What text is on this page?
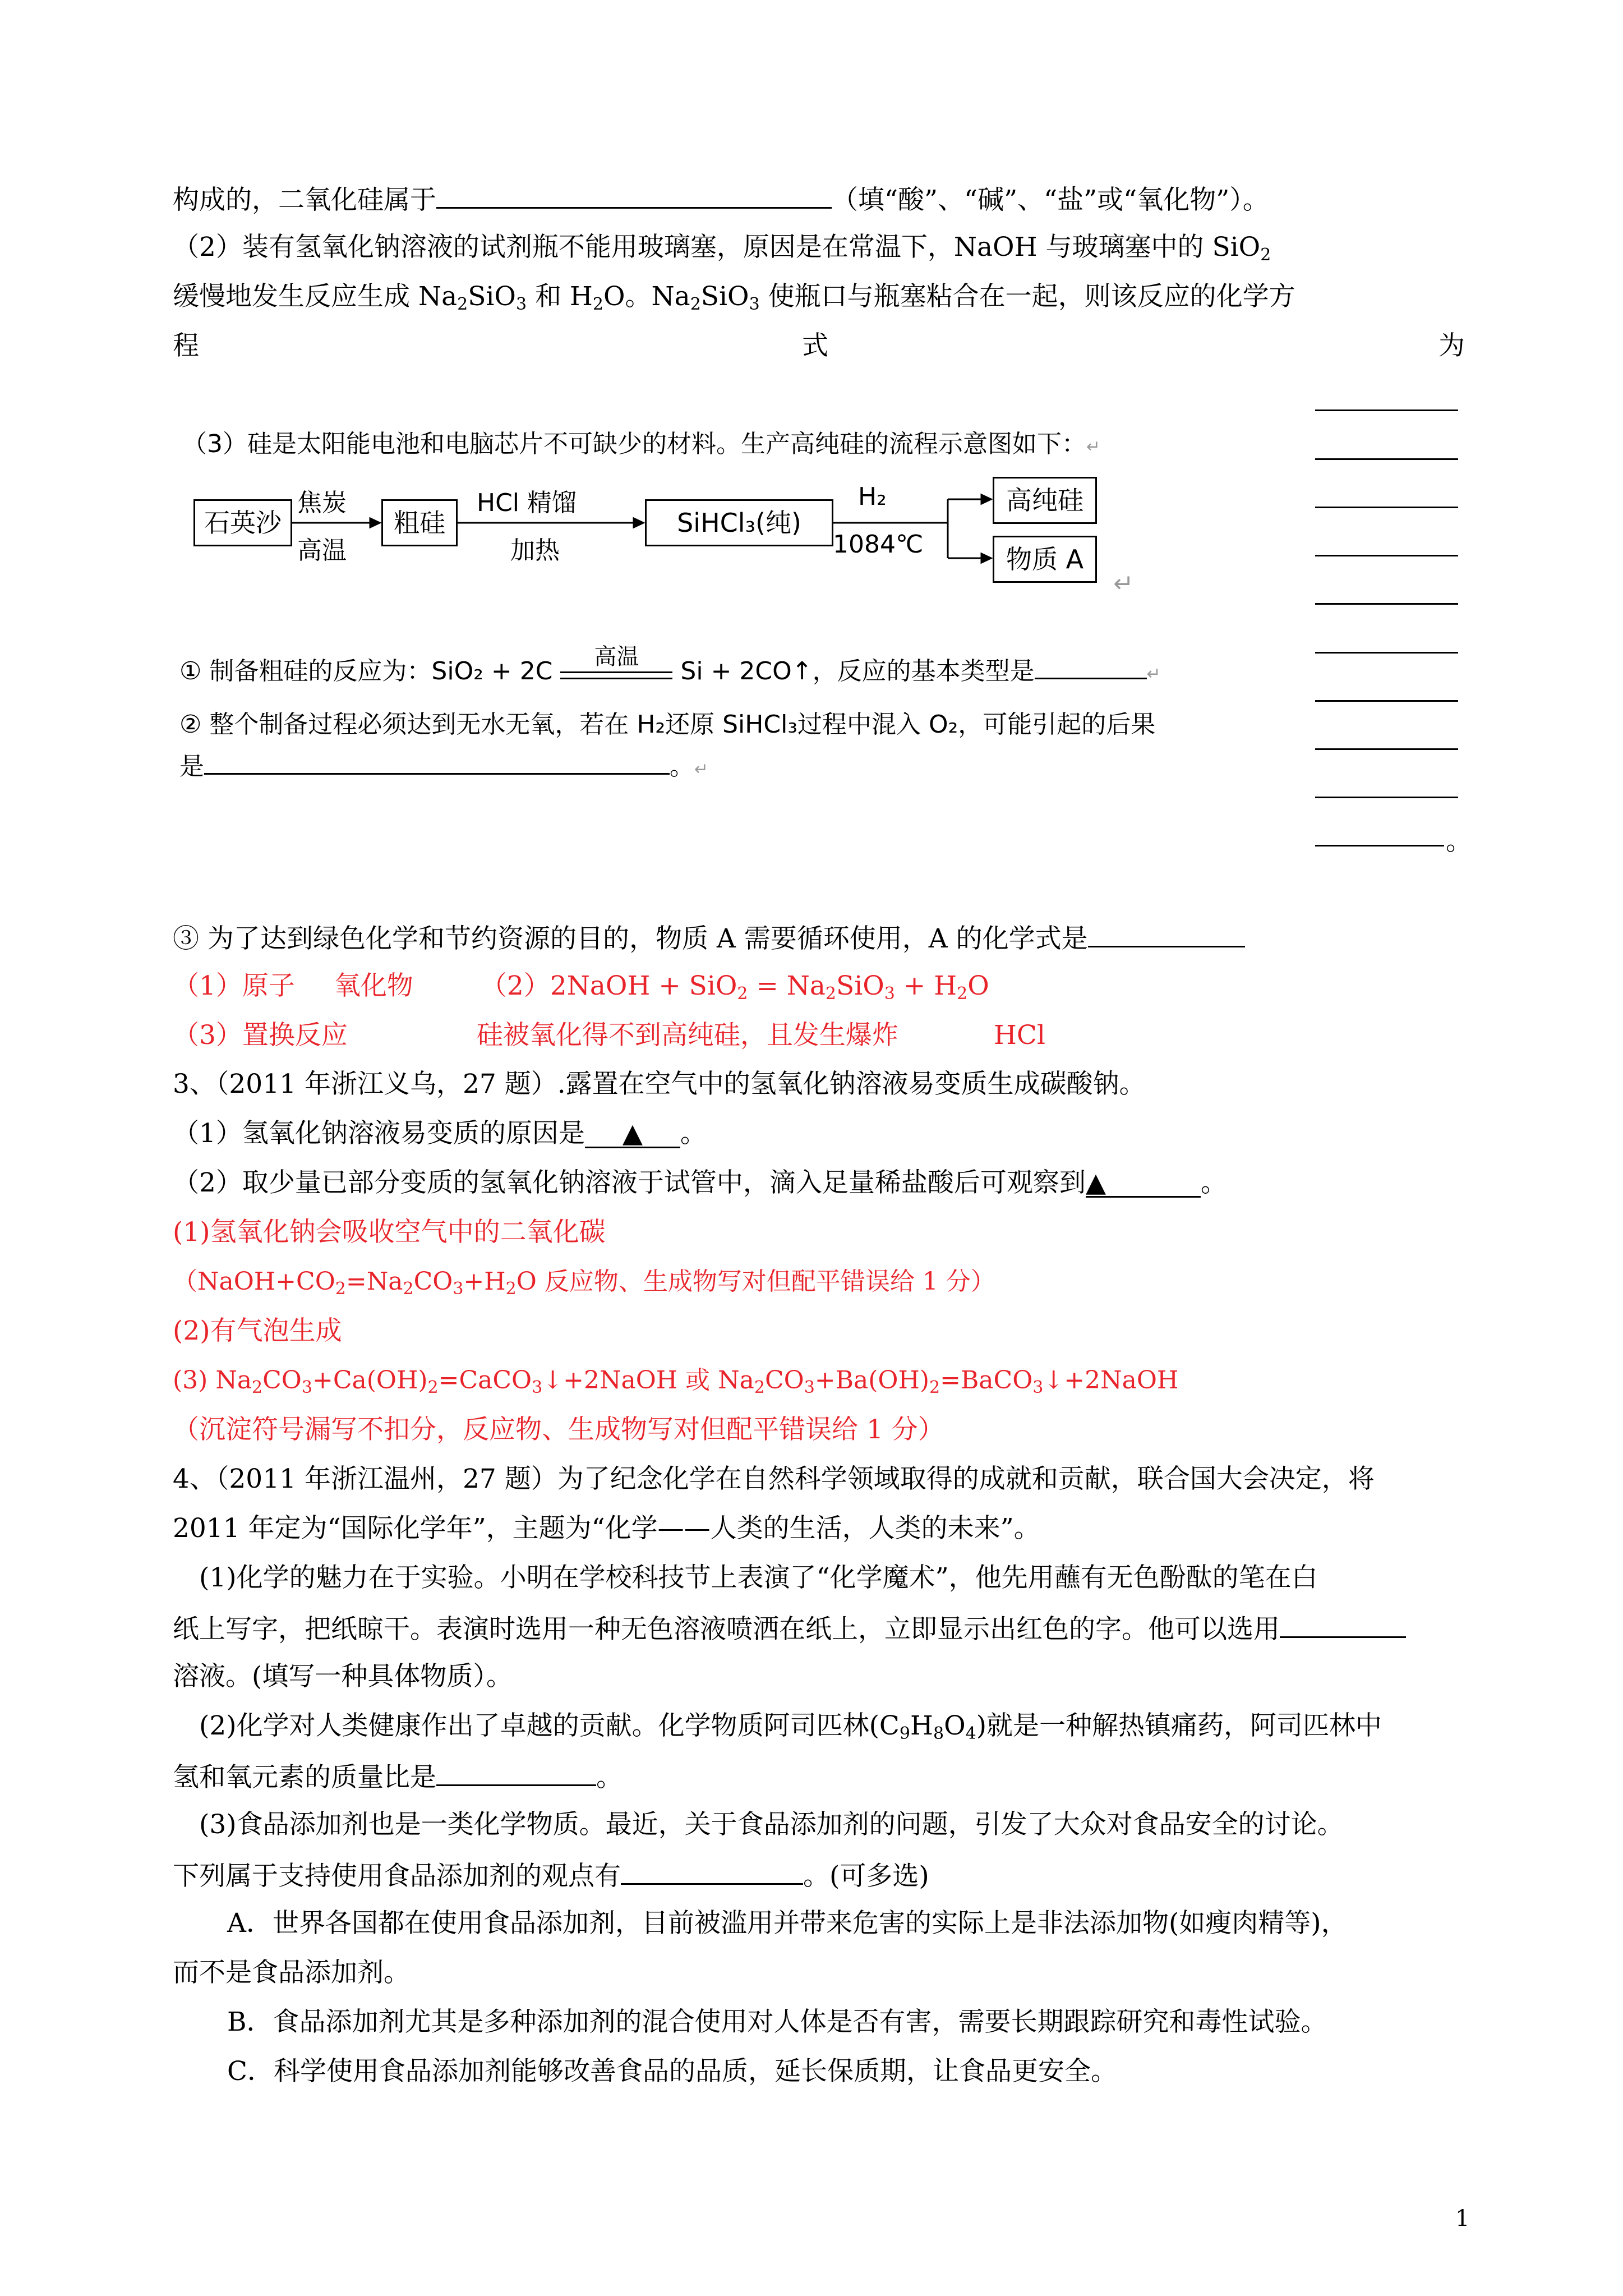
构成的，二氧化硅属于	（填“酸”、“碱”、“盐”或“氧化物”）。
（2）装有氢氧化钠溶液的试剂瓶不能用玻璃塞，原因是在常温下，NaOH 与玻璃塞中的 SiO$_2$
缓慢地发生反应生成 $Na_2SiO_3$ 和 $H_2O$。$Na_2SiO_3$ 使瓶口与瓶塞粘合在一起，则该反应的化学方
程	式	为
。
（3）硅是太阳能电池和电脑芯片不可缺少的材料。生产高纯硅的流程示意图如下：↵
石英沙
焦炭
高温
粗硅
HCl 精馏
加热
SiHCl₃(纯)
H₂
1084℃
高纯硅
物质 A
↵
① 制备粗硅的反应为：SiO₂ + 2C	高温	Si + 2CO↑，反应的基本类型是	↵
② 整个制备过程必须达到无水无氧，若在 H₂还原 SiHCl₃过程中混入 O₂，可能引起的后果
是	。↵
③ 为了达到绿色化学和节约资源的目的，物质 A 需要循环使用，A 的化学式是
（1）原子 氧化物	（2）2NaOH + $SiO_2 = Na_2SiO_3 + H_2O$
（3）置换反应	硅被氧化得不到高纯硅，且发生爆炸	HCl
3、（2011 年浙江义乌，27 题）.露置在空气中的氢氧化钠溶液易变质生成碳酸钠。
（1）氢氧化钠溶液易变质的原因是 ▲ 。
（2）取少量已部分变质的氢氧化钠溶液于试管中，滴入足量稀盐酸后可观察到▲	。
(1)氢氧化钠会吸收空气中的二氧化碳
（$NaOH+CO_2=Na_2CO_3+H_2O$ 反应物、生成物写对但配平错误给 1 分）
(2)有气泡生成
(3) $Na_2CO_3+Ca(OH)_2=CaCO_3↓+2NaOH$ 或 $Na_2CO_3+Ba(OH)_2=BaCO_3↓+2NaOH$
（沉淀符号漏写不扣分，反应物、生成物写对但配平错误给 1 分）
4、（2011 年浙江温州，27 题）为了纪念化学在自然科学领域取得的成就和贡献，联合国大会决定，将
2011 年定为“国际化学年”，主题为“化学——人类的生活，人类的未来”。
(1)化学的魅力在于实验。小明在学校科技节上表演了“化学魔术”，他先用蘸有无色酚酞的笔在白
纸上写字，把纸晾干。表演时选用一种无色溶液喷洒在纸上，立即显示出红色的字。他可以选用
溶液。(填写一种具体物质）。
(2)化学对人类健康作出了卓越的贡献。化学物质阿司匹林$(C_9H_8O_4)$就是一种解热镇痛药，阿司匹林中
氢和氧元素的质量比是	。
(3)食品添加剂也是一类化学物质。最近，关于食品添加剂的问题，引发了大众对食品安全的讨论。
下列属于支持使用食品添加剂的观点有	。(可多选)
A．世界各国都在使用食品添加剂，目前被滥用并带来危害的实际上是非法添加物(如瘦肉精等)，
而不是食品添加剂。
B．食品添加剂尤其是多种添加剂的混合使用对人体是否有害，需要长期跟踪研究和毒性试验。
C．科学使用食品添加剂能够改善食品的品质，延长保质期，让食品更安全。
1
